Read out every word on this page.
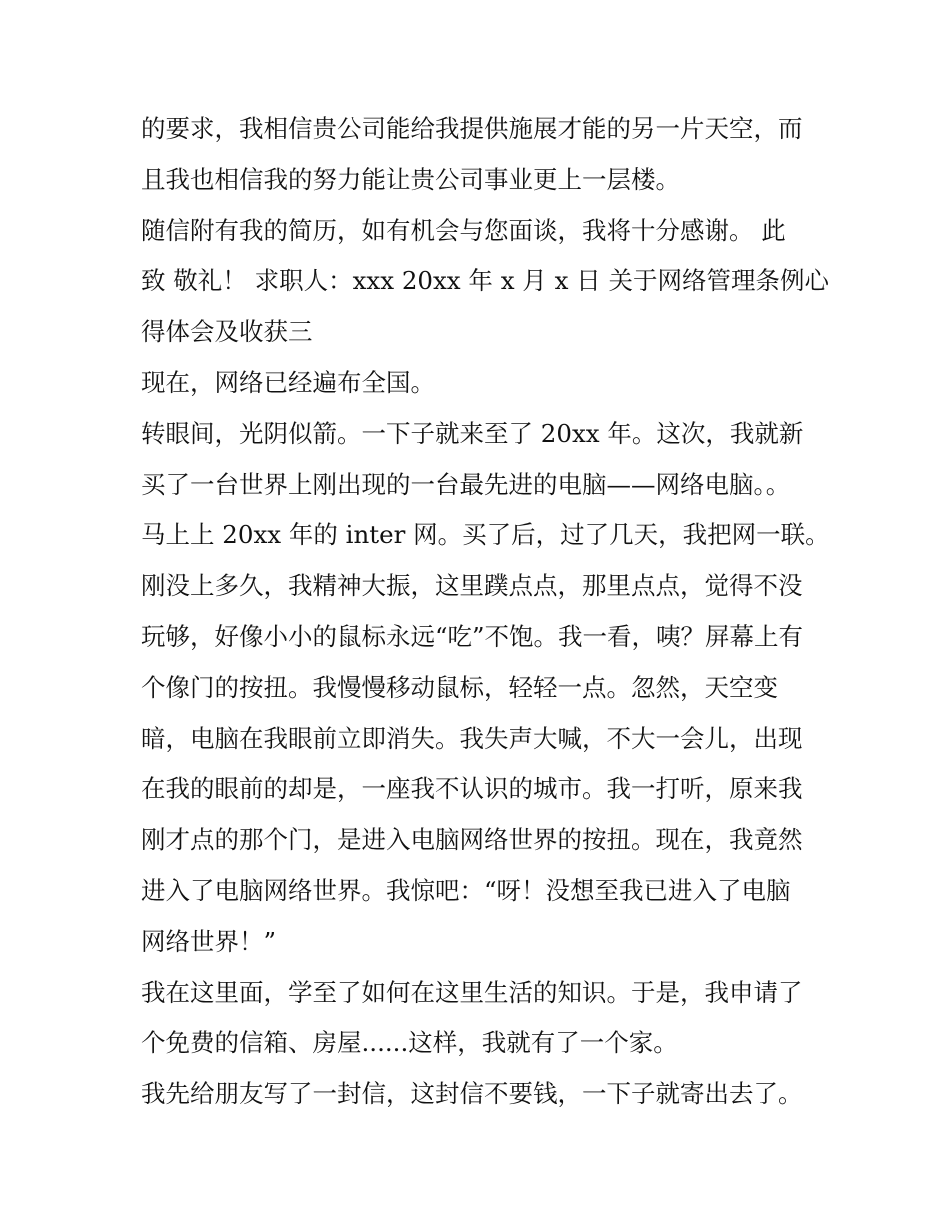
的要求，我相信贵公司能给我提供施展才能的另一片天空，而
且我也相信我的努力能让贵公司事业更上一层楼。
随信附有我的简历，如有机会与您面谈，我将十分感谢。 此
致 敬礼！ 求职人：xxx 20xx 年 x 月 x 日 关于网络管理条例心
得体会及收获三
现在，网络已经遍布全国。
转眼间，光阴似箭。一下子就来至了 20xx 年。这次，我就新
买了一台世界上刚出现的一台最先进的电脑——网络电脑。。
马上上 20xx 年的 inter 网。买了后，过了几天，我把网一联。
刚没上多久，我精神大振，这里蹼点点，那里点点，觉得不没
玩够，好像小小的鼠标永远“吃”不饱。我一看，咦？屏幕上有
个像门的按扭。我慢慢移动鼠标，轻轻一点。忽然，天空变
暗，电脑在我眼前立即消失。我失声大喊，不大一会儿，出现
在我的眼前的却是，一座我不认识的城市。我一打听，原来我
刚才点的那个门，是进入电脑网络世界的按扭。现在，我竟然
进入了电脑网络世界。我惊吧：“呀！没想至我已进入了电脑
网络世界！”
我在这里面，学至了如何在这里生活的知识。于是，我申请了
个免费的信箱、房屋......这样，我就有了一个家。
我先给朋友写了一封信，这封信不要钱，一下子就寄出去了。
